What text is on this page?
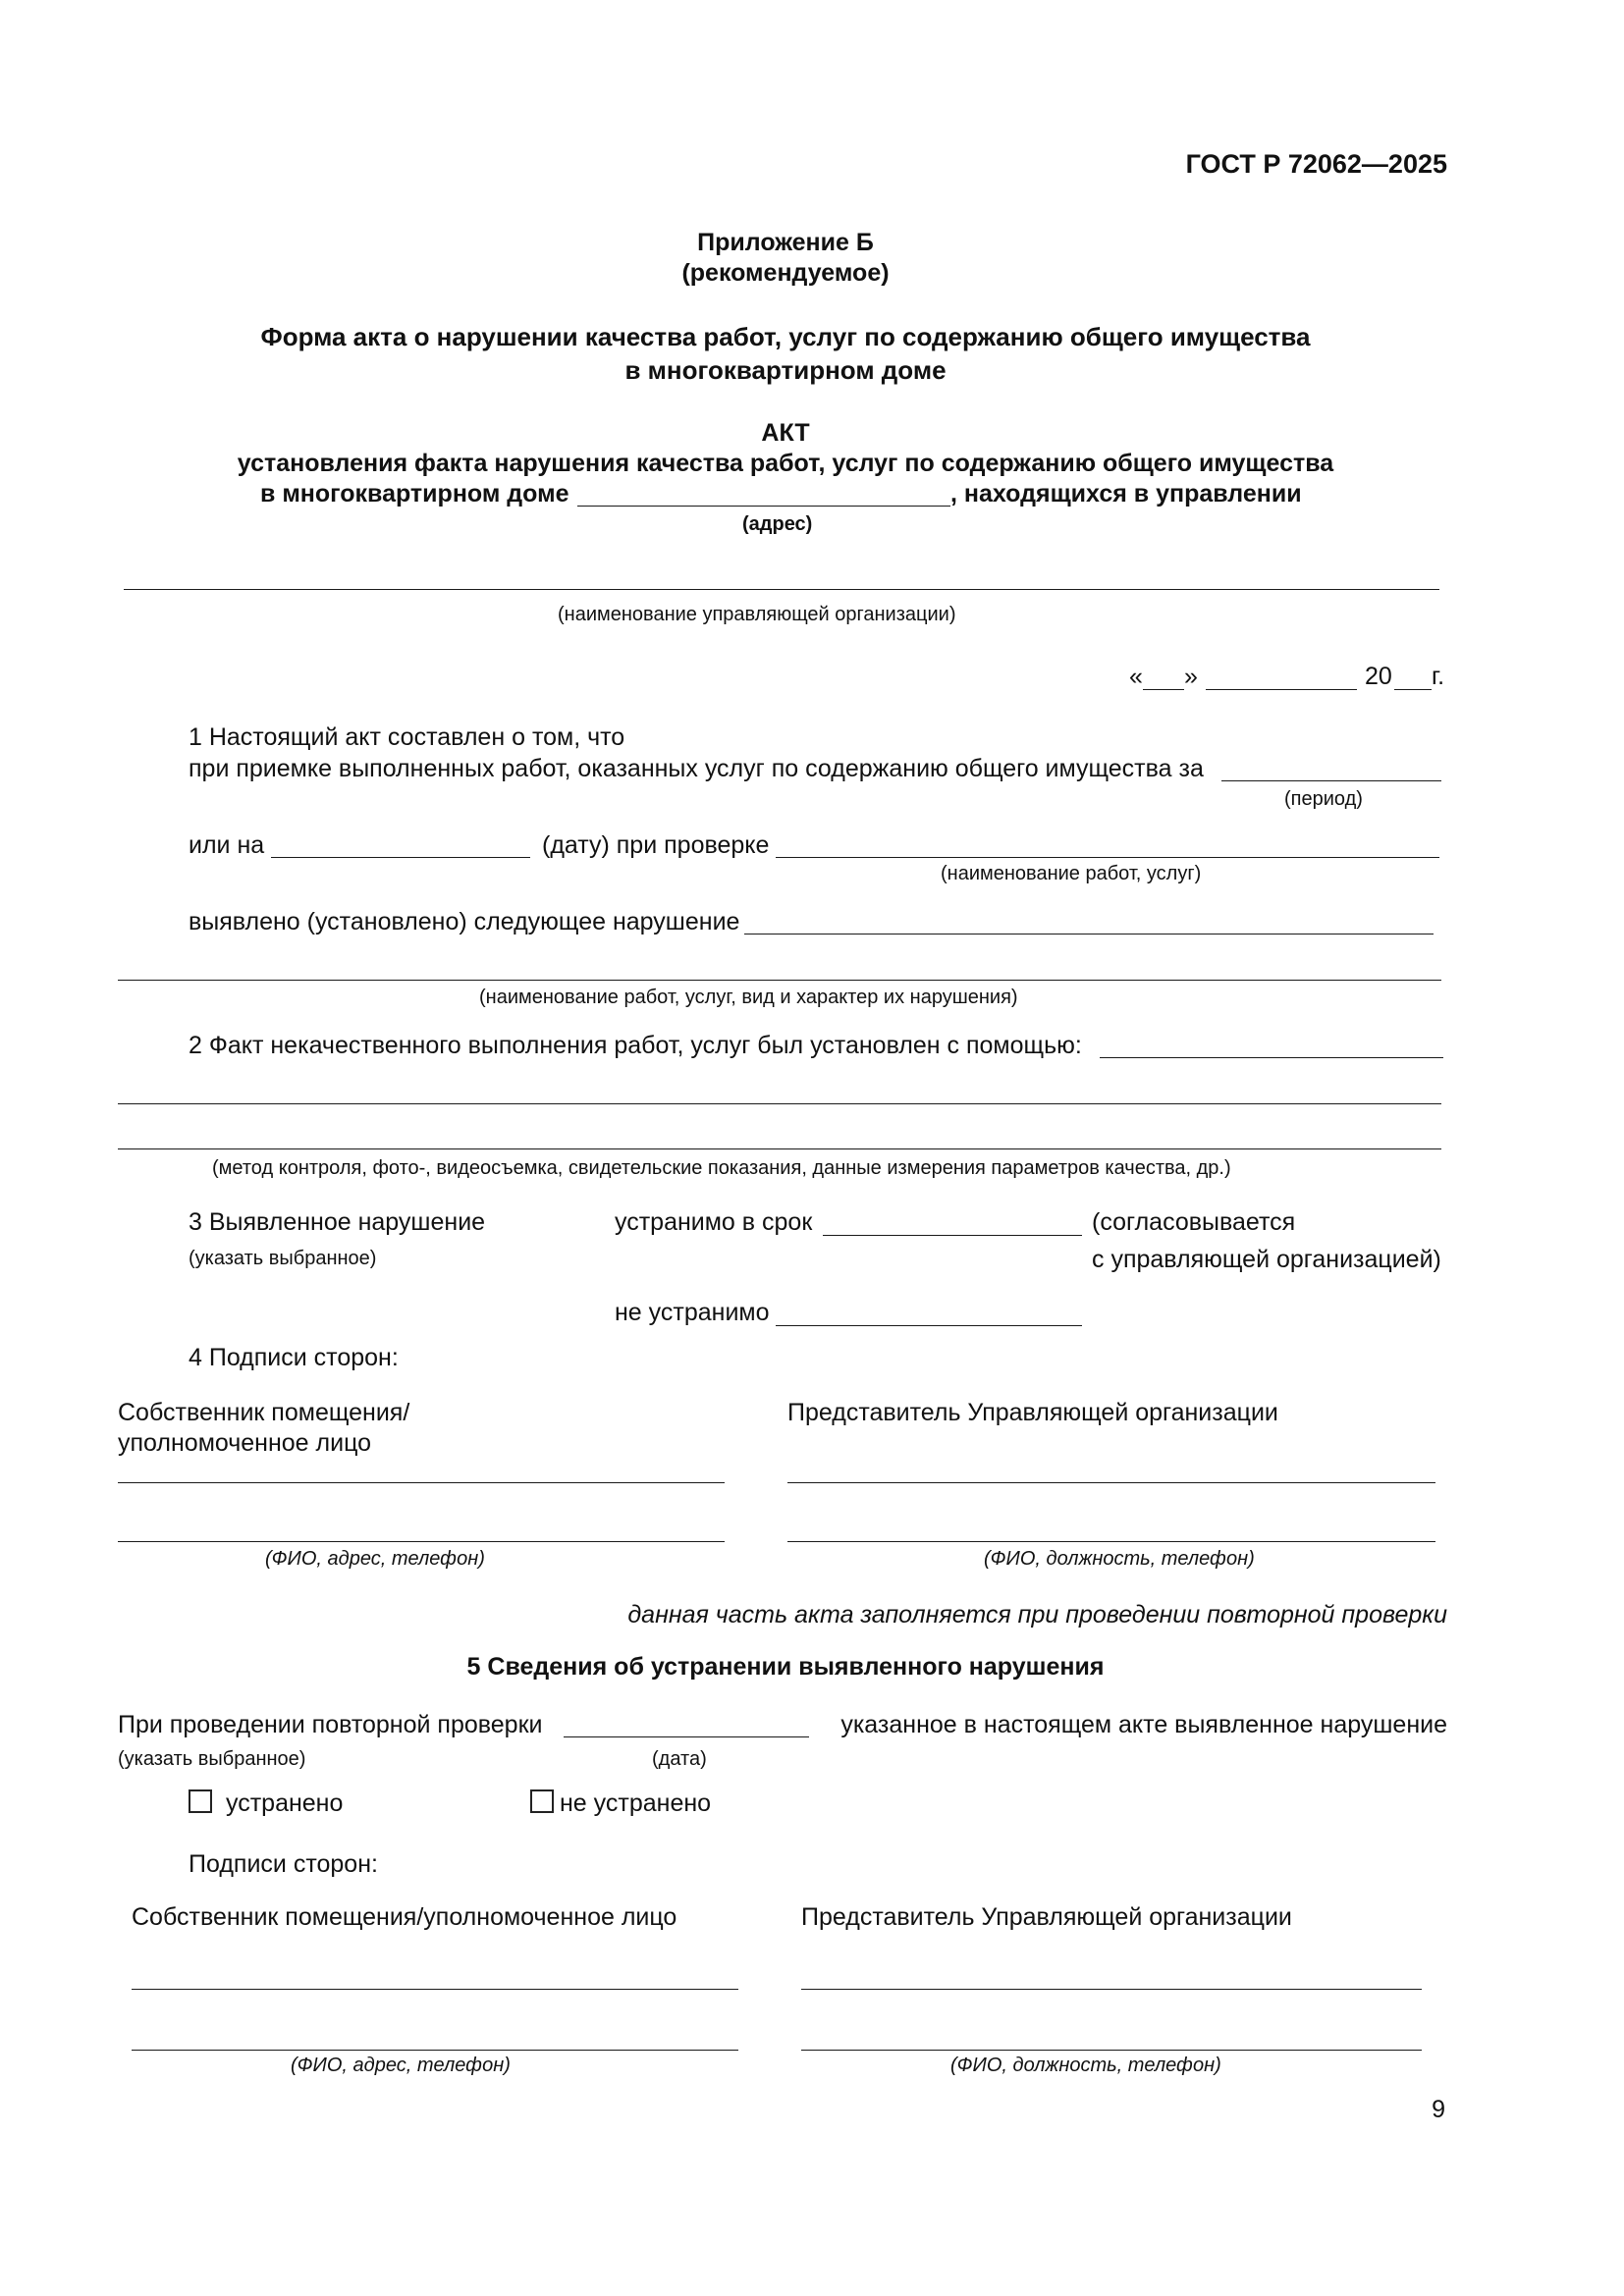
ГОСТ Р 72062—2025
Приложение Б
(рекомендуемое)
Форма акта о нарушении качества работ, услуг по содержанию общего имущества
в многоквартирном доме
АКТ
установления факта нарушения качества работ, услуг по содержанию общего имущества
в многоквартирном доме	, находящихся в управлении
(адрес)
(наименование управляющей организации)
« »	20 г.
1 Настоящий акт составлен о том, что
при приемке выполненных работ, оказанных услуг по содержанию общего имущества за
(период)
или на	(дату) при проверке
(наименование работ, услуг)
выявлено (установлено) следующее нарушение
(наименование работ, услуг, вид и характер их нарушения)
2 Факт некачественного выполнения работ, услуг был установлен с помощью:
(метод контроля, фото-, видеосъемка, свидетельские показания, данные измерения параметров качества, др.)
3 Выявленное нарушение
(указать выбранное)
устранимо в срок	(согласовывается
с управляющей организацией)
не устранимо
4 Подписи сторон:
Собственник помещения/
уполномоченное лицо
Представитель Управляющей организации
(ФИО, адрес, телефон)	(ФИО, должность, телефон)
данная часть акта заполняется при проведении повторной проверки
5 Сведения об устранении выявленного нарушения
При проведении повторной проверки	указанное в настоящем акте выявленное нарушение
(указать выбранное)	(дата)
устранено	не устранено
Подписи сторон:
Собственник помещения/уполномоченное лицо	Представитель Управляющей организации
(ФИО, адрес, телефон)	(ФИО, должность, телефон)
9
